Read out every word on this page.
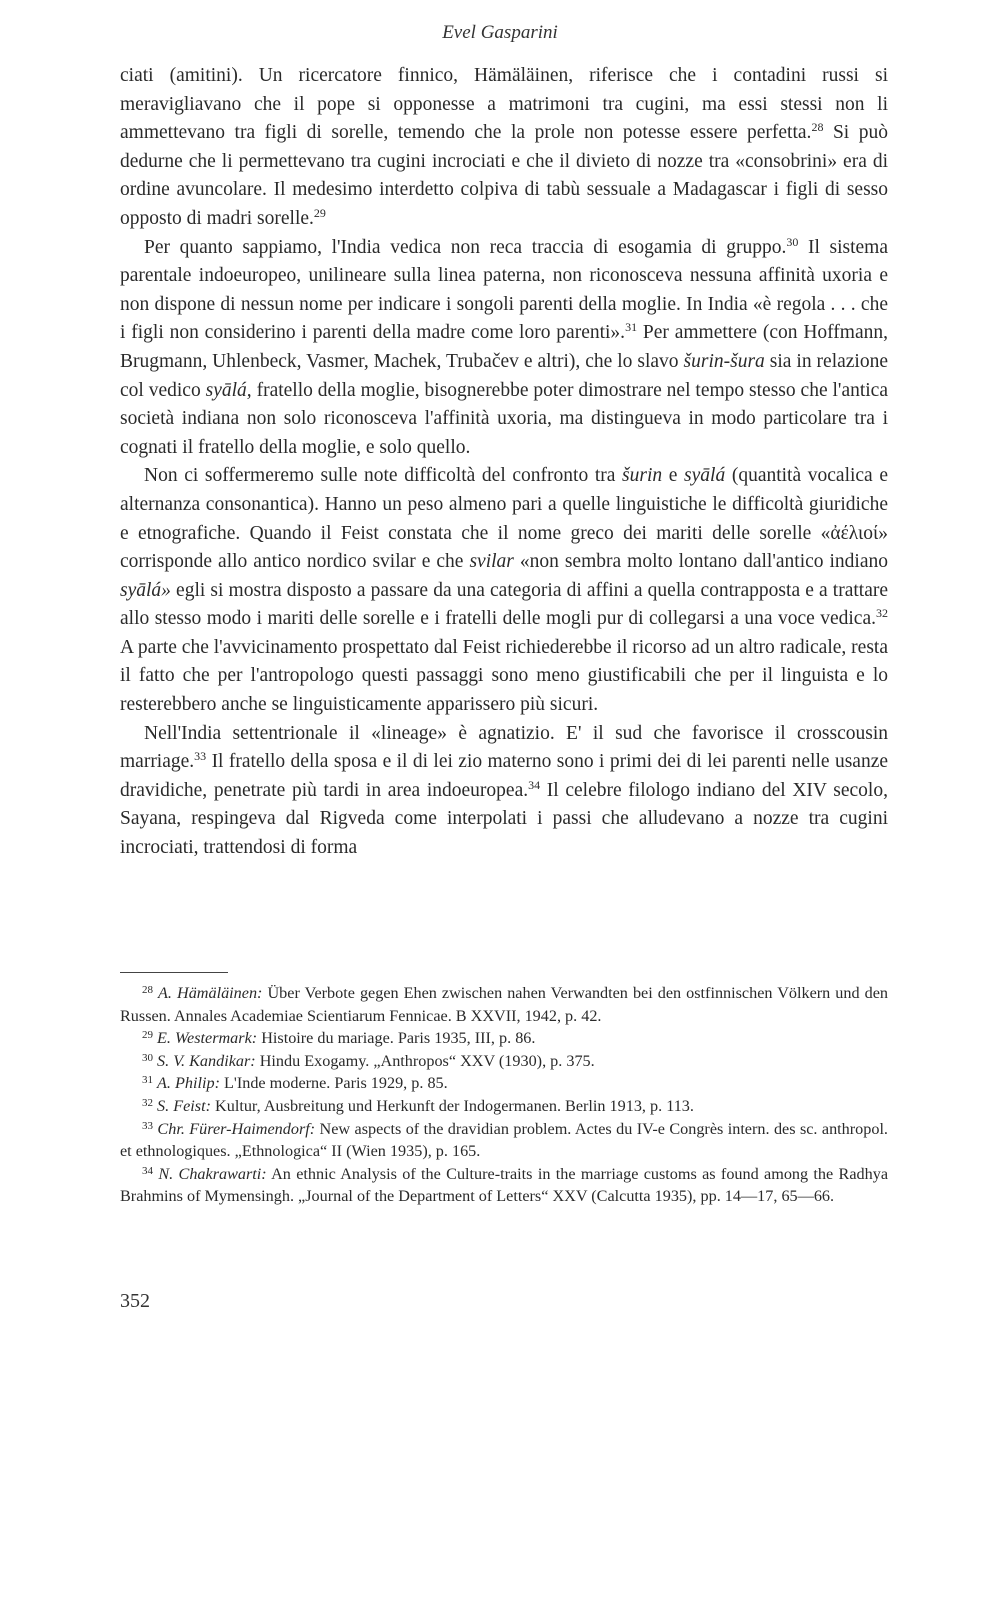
Evel Gasparini

ciati (amitini). Un ricercatore finnico, Hämäläinen, riferisce che i contadini russi si meravigliavano che il pope si opponesse a matrimoni tra cugini, ma essi stessi non li ammettevano tra figli di sorelle, temendo che la prole non potesse essere perfetta.$^{28}$ Si può dedurne che li permettevano tra cugini incrociati e che il divieto di nozze tra «consobrini» era di ordine avuncolare. Il medesimo interdetto colpiva di tabù sessuale a Madagascar i figli di sesso opposto di madri sorelle.$^{29}$

Per quanto sappiamo, l'India vedica non reca traccia di esogamia di gruppo.$^{30}$ Il sistema parentale indoeuropeo, unilineare sulla linea paterna, non riconosceva nessuna affinità uxoria e non dispone di nessun nome per indicare i songoli parenti della moglie. In India «è regola . . . che i figli non considerino i parenti della madre come loro parenti».$^{31}$ Per ammettere (con Hoffmann, Brugmann, Uhlenbeck, Vasmer, Machek, Trubačev e altri), che lo slavo šurin-šura sia in relazione col vedico syālá, fratello della moglie, bisognerebbe poter dimostrare nel tempo stesso che l'antica società indiana non solo riconosceva l'affinità uxoria, ma distingueva in modo particolare tra i cognati il fratello della moglie, e solo quello.

Non ci soffermeremo sulle note difficoltà del confronto tra šurin e syālá (quantità vocalica e alternanza consonantica). Hanno un peso almeno pari a quelle linguistiche le difficoltà giuridiche e etnografiche. Quando il Feist constata che il nome greco dei mariti delle sorelle «ἀέλιοί» corrisponde allo antico nordico svilar e che svilar «non sembra molto lontano dall'antico indiano syālá» egli si mostra disposto a passare da una categoria di affini a quella contrapposta e a trattare allo stesso modo i mariti delle sorelle e i fratelli delle mogli pur di collegarsi a una voce vedica.$^{32}$ A parte che l'avvicinamento prospettato dal Feist richiederebbe il ricorso ad un altro radicale, resta il fatto che per l'antropologo questi passaggi sono meno giustificabili che per il linguista e lo resterebbero anche se linguisticamente apparissero più sicuri.

Nell'India settentrionale il «lineage» è agnatizio. E' il sud che favorisce il crosscousin marriage.$^{33}$ Il fratello della sposa e il di lei zio materno sono i primi dei di lei parenti nelle usanze dravidiche, penetrate più tardi in area indoeuropea.$^{34}$ Il celebre filologo indiano del XIV secolo, Sayana, respingeva dal Rigveda come interpolati i passi che alludevano a nozze tra cugini incrociati, trattendosi di forma

$^{28}$ A. Hämäläinen: Über Verbote gegen Ehen zwischen nahen Verwandten bei den ostfinnischen Völkern und den Russen. Annales Academiae Scientiarum Fennicae. B XXVII, 1942, p. 42.

$^{29}$ E. Westermark: Histoire du mariage. Paris 1935, III, p. 86.

$^{30}$ S. V. Kandikar: Hindu Exogamy. „Anthropos“ XXV (1930), p. 375.

$^{31}$ A. Philip: L'Inde moderne. Paris 1929, p. 85.

$^{32}$ S. Feist: Kultur, Ausbreitung und Herkunft der Indogermanen. Berlin 1913, p. 113.

$^{33}$ Chr. Fürer-Haimendorf: New aspects of the dravidian problem. Actes du IV-e Congrès intern. des sc. anthropol. et ethnologiques. „Ethnologica“ II (Wien 1935), p. 165.

$^{34}$ N. Chakrawarti: An ethnic Analysis of the Culture-traits in the marriage customs as found among the Radhya Brahmins of Mymensingh. „Journal of the Department of Letters“ XXV (Calcutta 1935), pp. 14—17, 65—66.

352
